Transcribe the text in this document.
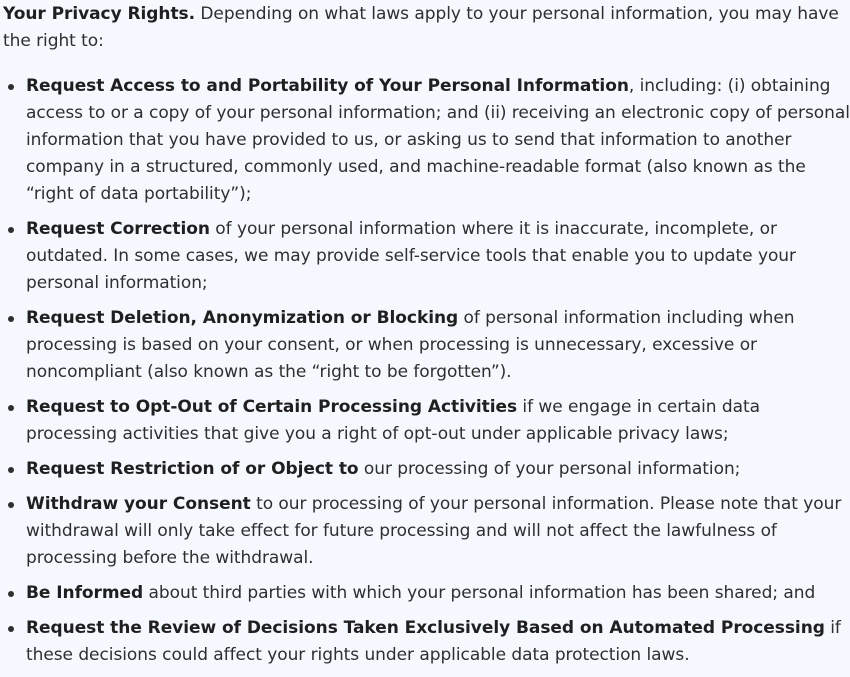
Your Privacy Rights. Depending on what laws apply to your personal information, you may have the right to:

Request Access to and Portability of Your Personal Information, including: (i) obtaining access to or a copy of your personal information; and (ii) receiving an electronic copy of personal information that you have provided to us, or asking us to send that information to another company in a structured, commonly used, and machine-readable format (also known as the “right of data portability”);
Request Correction of your personal information where it is inaccurate, incomplete, or outdated. In some cases, we may provide self-service tools that enable you to update your personal information;
Request Deletion, Anonymization or Blocking of personal information including when processing is based on your consent, or when processing is unnecessary, excessive or noncompliant (also known as the “right to be forgotten”).
Request to Opt-Out of Certain Processing Activities if we engage in certain data processing activities that give you a right of opt-out under applicable privacy laws;
Request Restriction of or Object to our processing of your personal information;
Withdraw your Consent to our processing of your personal information. Please note that your withdrawal will only take effect for future processing and will not affect the lawfulness of processing before the withdrawal.
Be Informed about third parties with which your personal information has been shared; and
Request the Review of Decisions Taken Exclusively Based on Automated Processing if these decisions could affect your rights under applicable data protection laws.
